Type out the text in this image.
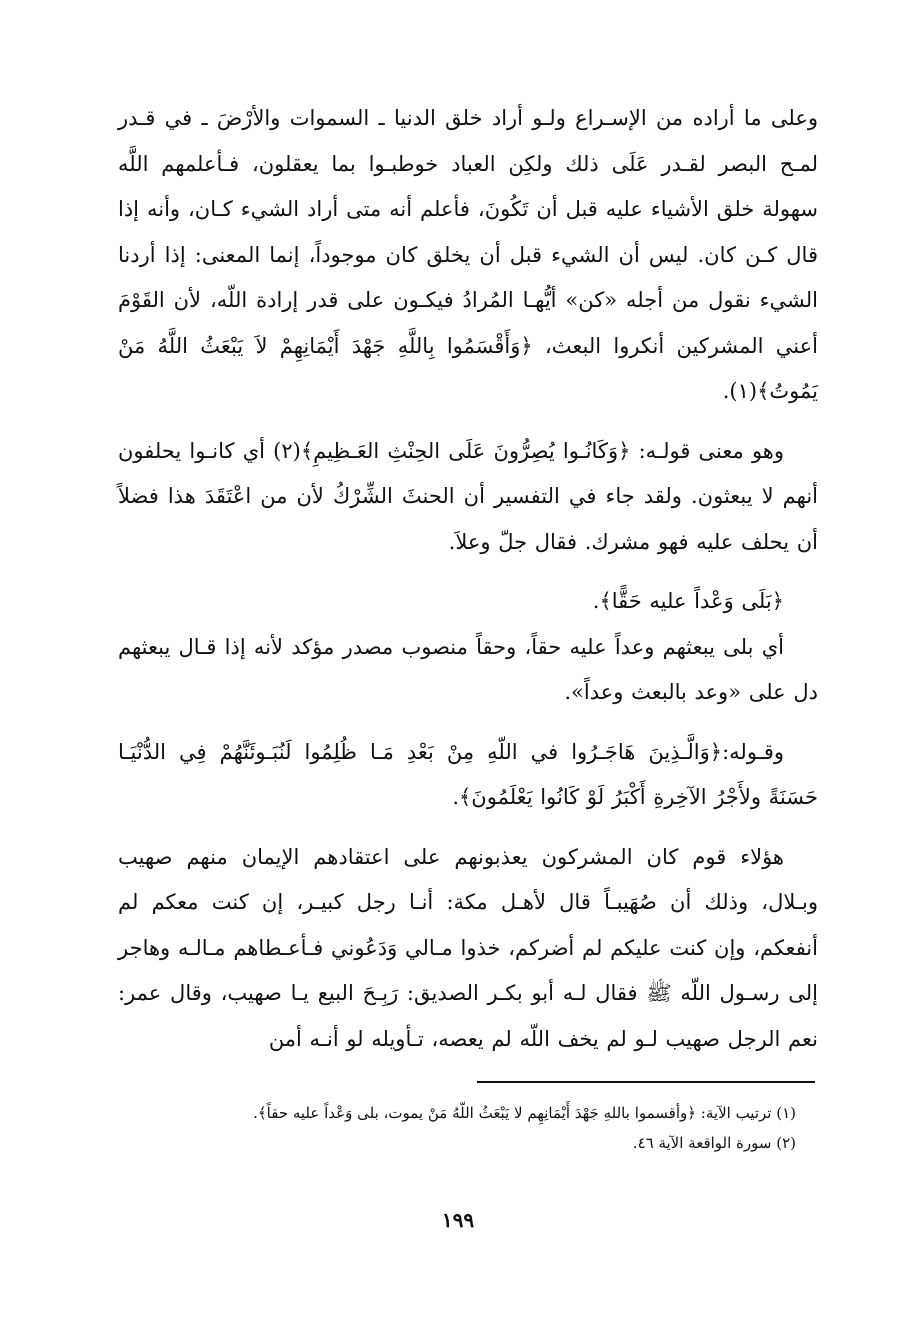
وعلى ما أراده من الإسـراع ولـو أراد خلق الدنيا ـ السموات والأرْضَ ـ في قـدر لمـح البصر لقـدر عَلَى ذلك ولكِن العباد خوطبـوا بما يعقلون، فـأعلمهم اللَّه سهولة خلق الأشياء عليه قبل أن تَكُونَ، فأعلم أنه متى أراد الشيء كـان، وأنه إذا قال كـن كان. ليس أن الشيء قبل أن يخلق كان موجوداً، إنما المعنى: إذا أردنا الشيء نقول من أجله «كن» أيُّهـا المُرادُ فيكـون على قدر إرادة اللّه، لأن القَوْمَ أعني المشركين أنكروا البعث، ﴿وَأَقْسَمُوا بِاللَّهِ جَهْدَ أَيْمَانِهِمْ لاَ يَبْعَثُ اللَّهُ مَنْ يَمُوتُ﴾(١).

وهو معنى قولـه: ﴿وَكَانُـوا يُصِرُّونَ عَلَى الحِنْثِ العَـظِيمِ﴾(٢) أي كانـوا يحلفون أنهم لا يبعثون. ولقد جاء في التفسير أن الحنثَ الشِّرْكُ لأن من اعْتَقَدَ هذا فضلاً أن يحلف عليه فهو مشرك. فقال جلّ وعلاَ.

﴿بَلَى وَعْداً عليه حَقًّا﴾.

أي بلى يبعثهم وعداً عليه حقاً، وحقاً منصوب مصدر مؤكد لأنه إذا قـال يبعثهم دل على «وعد بالبعث وعداً».

وقـوله:﴿وَالَّـذِينَ هَاجَـرُوا في اللّهِ مِنْ بَعْدِ مَـا ظُلِمُوا لَنُبَـوئَنَّهُمْ فِي الدُّنْيَـا حَسَنَةً ولأَجْرُ الآخِرةِ أَكْبَرُ لَوْ كَانُوا يَعْلَمُونَ﴾.

هؤلاء قوم كان المشركون يعذبونهم على اعتقادهم الإيمان منهم صهيب وبـلال، وذلك أن صُهَيبـاً قال لأهـل مكة: أنـا رجل كبيـر، إن كنت معكم لم أنفعكم، وإن كنت عليكم لم أضركم، خذوا مـالي وَدَعُوني فـأعـطاهم مـالـه وهاجر إلى رسـول اللّه ﷺ فقال لـه أبو بكـر الصديق: رَبِـحَ البيع يـا صهيب، وقال عمر: نعم الرجل صهيب لـو لم يخف اللّه لم يعصه، تـأويله لو أنـه أمن

(١) ترتيب الآية: ﴿وأقسموا باللهِ جَهْدَ أَيْمَانِهِم لا يَبْعَثُ اللّهُ مَنْ يموت، بلى وَعْداً عليه حقاً﴾.

(٢) سورة الواقعة الآية ٤٦.

١٩٩
